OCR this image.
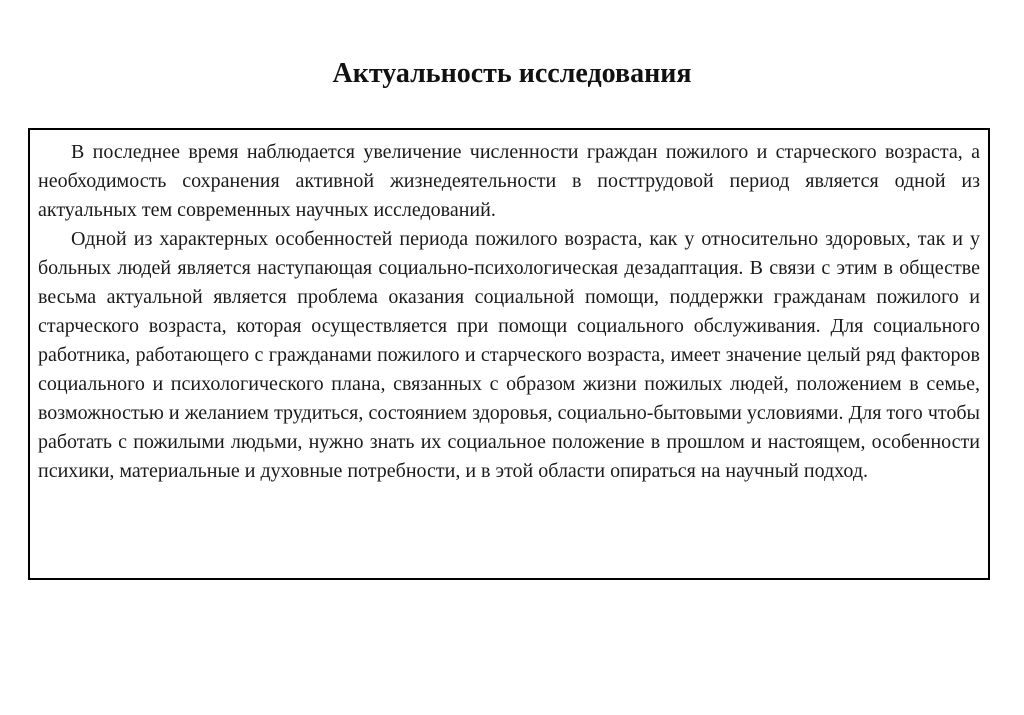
Актуальность исследования

В последнее время наблюдается увеличение численности граждан пожилого и старческого возраста, а необходимость сохранения активной жизнедеятельности в посттрудовой период является одной из актуальных тем современных научных исследований.

Одной из характерных особенностей периода пожилого возраста, как у относительно здоровых, так и у больных людей является наступающая социально-психологическая дезадаптация. В связи с этим в обществе весьма актуальной является проблема оказания социальной помощи, поддержки гражданам пожилого и старческого возраста, которая осуществляется при помощи социального обслуживания. Для социального работника, работающего с гражданами пожилого и старческого возраста, имеет значение целый ряд факторов социального и психологического плана, связанных с образом жизни пожилых людей, положением в семье, возможностью и желанием трудиться, состоянием здоровья, социально-бытовыми условиями. Для того чтобы работать с пожилыми людьми, нужно знать их социальное положение в прошлом и настоящем, особенности психики, материальные и духовные потребности, и в этой области опираться на научный подход.
